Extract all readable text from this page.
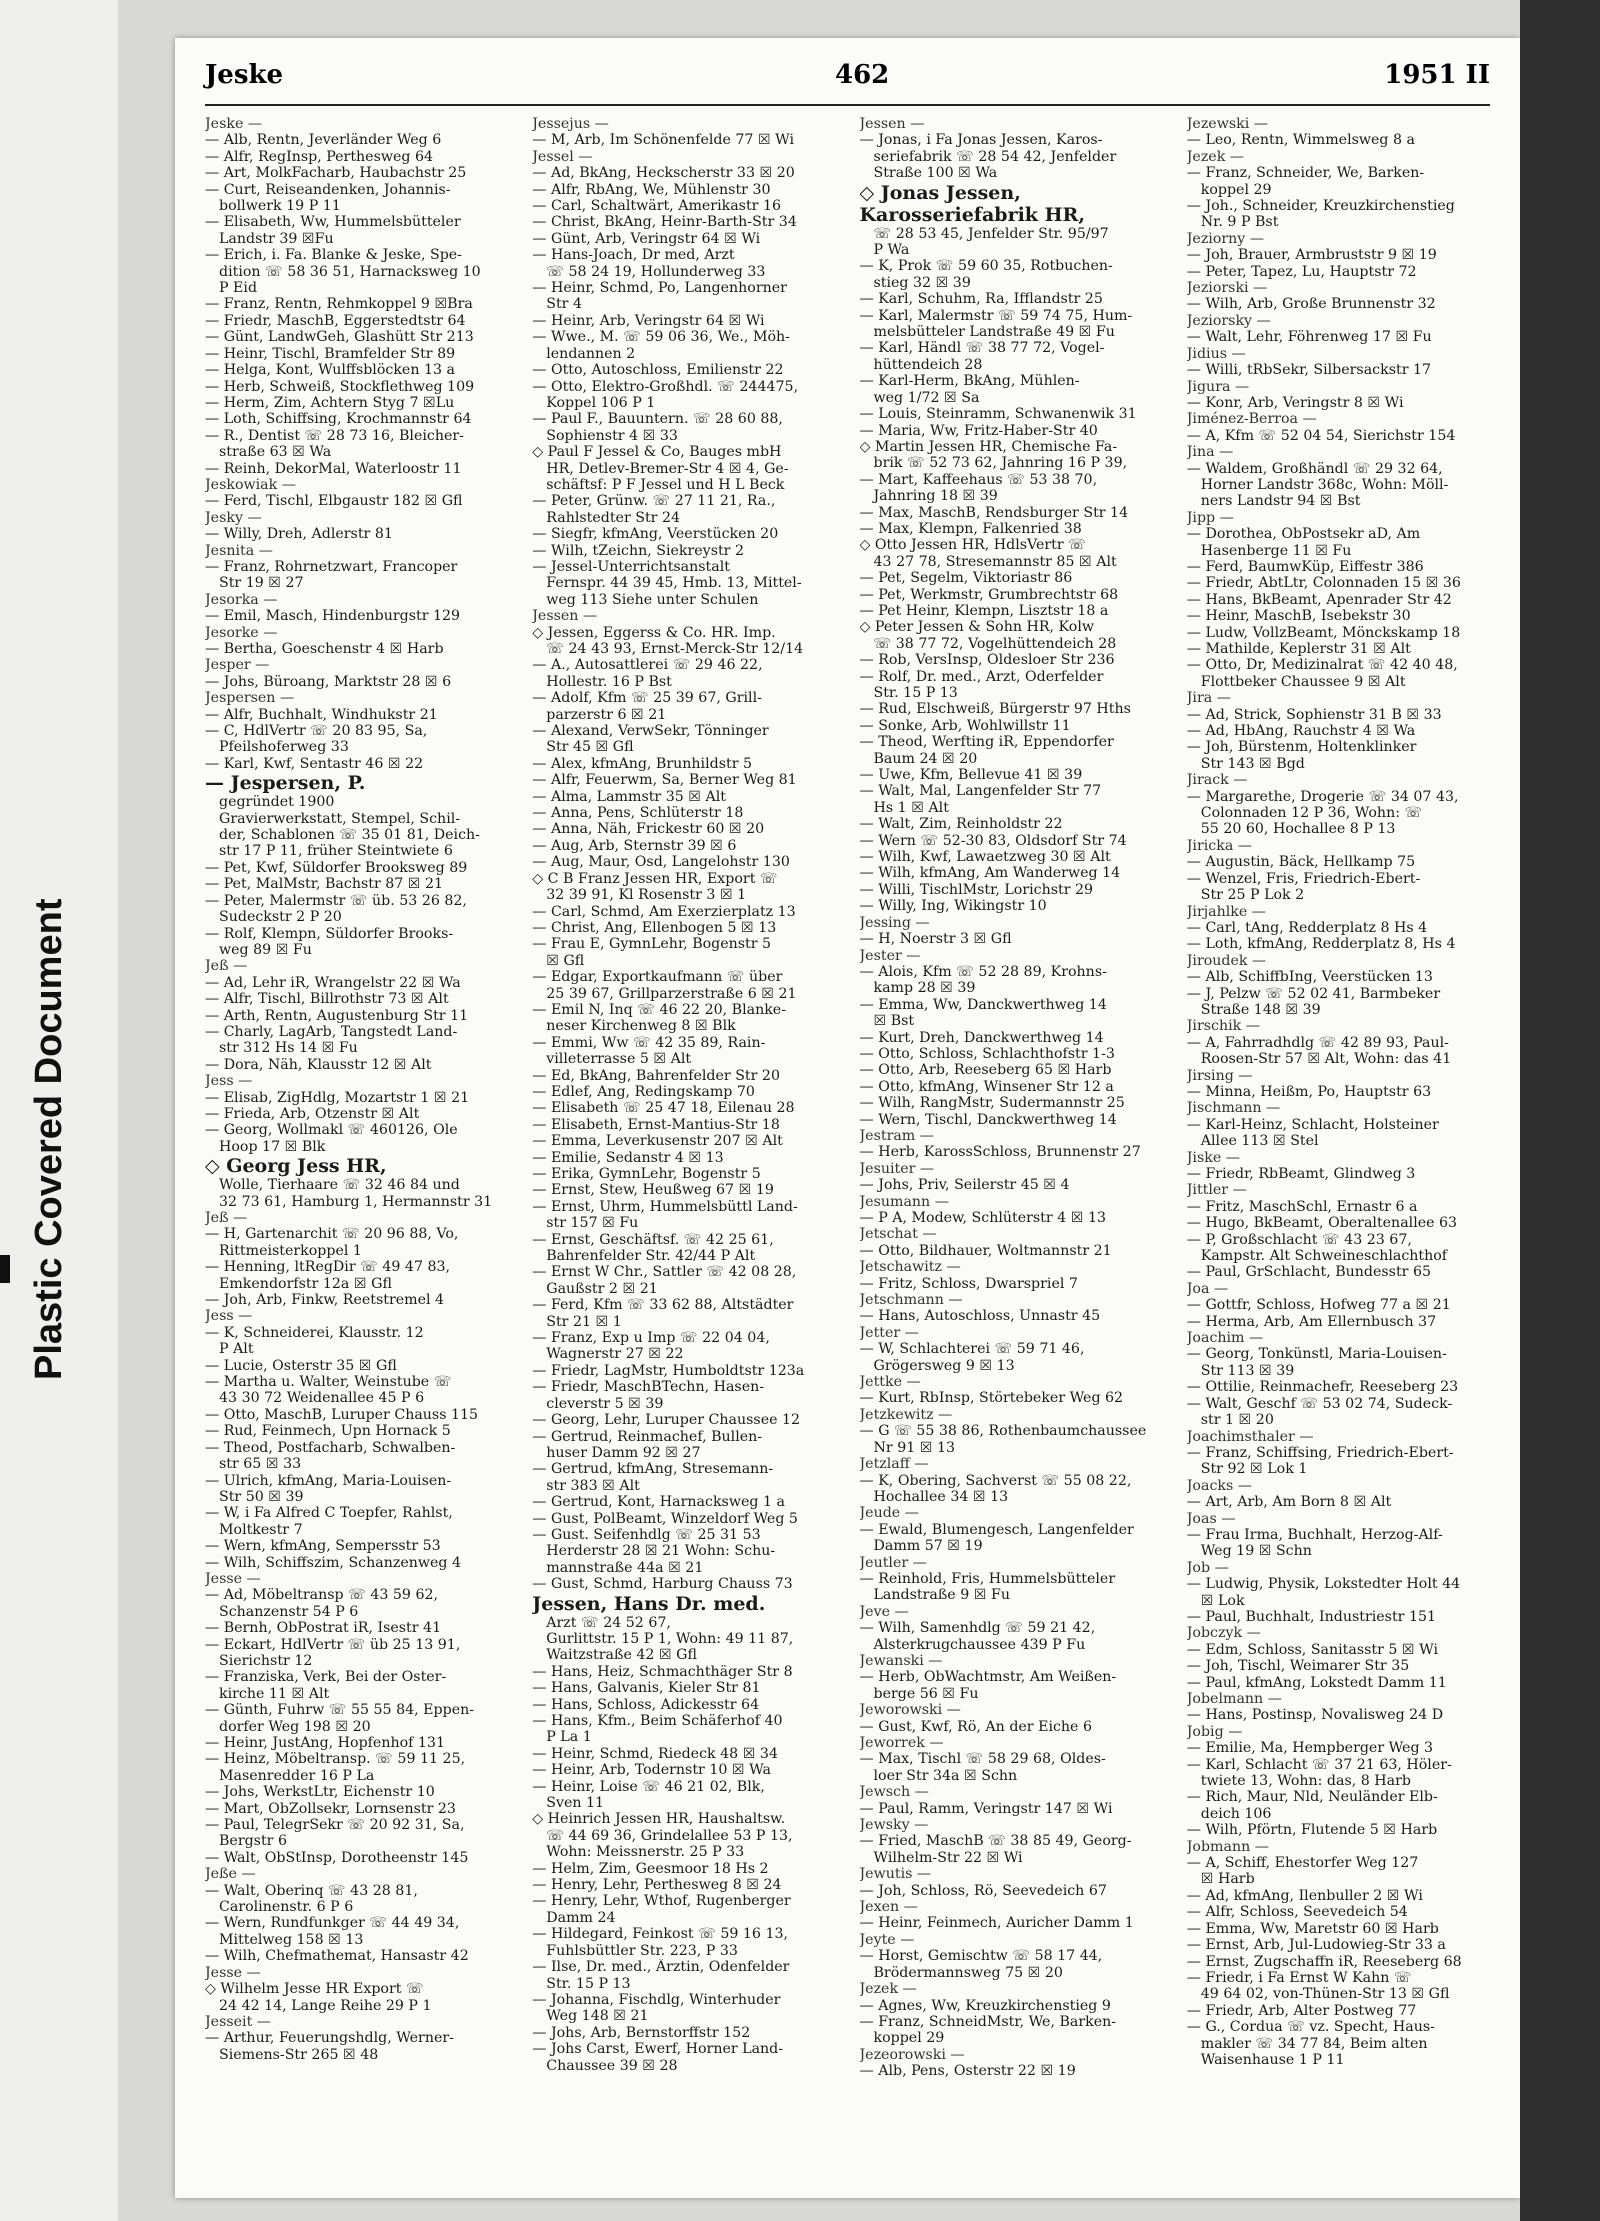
Plastic Covered Document
Jeske	462	1951 II
Jeske —
— Alb, Rentn, Jeverländer Weg 6
— Alfr, RegInsp, Perthesweg 64
— Art, MolkFacharb, Haubachstr 25
— Curt, Reiseandenken, Johannis-
bollwerk 19 P 11
— Elisabeth, Ww, Hummelsbütteler
Landstr 39 ☒Fu
— Erich, i. Fa. Blanke & Jeske, Spe-
dition ☏ 58 36 51, Harnacksweg 10
P Eid
— Franz, Rentn, Rehmkoppel 9 ☒Bra
— Friedr, MaschB, Eggerstedtstr 64
— Günt, LandwGeh, Glashütt Str 213
— Heinr, Tischl, Bramfelder Str 89
— Helga, Kont, Wulffsblöcken 13 a
— Herb, Schweiß, Stockflethweg 109
— Herm, Zim, Achtern Styg 7 ☒Lu
— Loth, Schiffsing, Krochmannstr 64
— R., Dentist ☏ 28 73 16, Bleicher-
straße 63 ☒ Wa
— Reinh, DekorMal, Waterloostr 11
Jeskowiak —
— Ferd, Tischl, Elbgaustr 182 ☒ Gfl
Jesky —
— Willy, Dreh, Adlerstr 81
Jesnita —
— Franz, Rohrnetzwart, Francoper
Str 19 ☒ 27
Jesorka —
— Emil, Masch, Hindenburgstr 129
Jesorke —
— Bertha, Goeschenstr 4 ☒ Harb
Jesper —
— Johs, Büroang, Marktstr 28 ☒ 6
Jespersen —
— Alfr, Buchhalt, Windhukstr 21
— C, HdlVertr ☏ 20 83 95, Sa,
Pfeilshoferweg 33
— Karl, Kwf, Sentastr 46 ☒ 22
— Jespersen, P.
gegründet 1900
Gravierwerkstatt, Stempel, Schil-
der, Schablonen ☏ 35 01 81, Deich-
str 17 P 11, früher Steintwiete 6
— Pet, Kwf, Süldorfer Brooksweg 89
— Pet, MalMstr, Bachstr 87 ☒ 21
— Peter, Malermstr ☏ üb. 53 26 82,
Sudeckstr 2 P 20
— Rolf, Klempn, Süldorfer Brooks-
weg 89 ☒ Fu
Jeß —
— Ad, Lehr iR, Wrangelstr 22 ☒ Wa
— Alfr, Tischl, Billrothstr 73 ☒ Alt
— Arth, Rentn, Augustenburg Str 11
— Charly, LagArb, Tangstedt Land-
str 312 Hs 14 ☒ Fu
— Dora, Näh, Klausstr 12 ☒ Alt
Jess —
— Elisab, ZigHdlg, Mozartstr 1 ☒ 21
— Frieda, Arb, Otzenstr ☒ Alt
— Georg, Wollmakl ☏ 460126, Ole
Hoop 17 ☒ Blk
◇ Georg Jess HR,
Wolle, Tierhaare ☏ 32 46 84 und
32 73 61, Hamburg 1, Hermannstr 31
Jeß —
— H, Gartenarchit ☏ 20 96 88, Vo,
Rittmeisterkoppel 1
— Henning, ltRegDir ☏ 49 47 83,
Emkendorfstr 12a ☒ Gfl
— Joh, Arb, Finkw, Reetstremel 4
Jess —
— K, Schneiderei, Klausstr. 12
P Alt
— Lucie, Osterstr 35 ☒ Gfl
— Martha u. Walter, Weinstube ☏
43 30 72 Weidenallee 45 P 6
— Otto, MaschB, Luruper Chauss 115
— Rud, Feinmech, Upn Hornack 5
— Theod, Postfacharb, Schwalben-
str 65 ☒ 33
— Ulrich, kfmAng, Maria-Louisen-
Str 50 ☒ 39
— W, i Fa Alfred C Toepfer, Rahlst,
Moltkestr 7
— Wern, kfmAng, Sempersstr 53
— Wilh, Schiffszim, Schanzenweg 4
Jesse —
— Ad, Möbeltransp ☏ 43 59 62,
Schanzenstr 54 P 6
— Bernh, ObPostrat iR, Isestr 41
— Eckart, HdlVertr ☏ üb 25 13 91,
Sierichstr 12
— Franziska, Verk, Bei der Oster-
kirche 11 ☒ Alt
— Günth, Fuhrw ☏ 55 55 84, Eppen-
dorfer Weg 198 ☒ 20
— Heinr, JustAng, Hopfenhof 131
— Heinz, Möbeltransp. ☏ 59 11 25,
Masenredder 16 P La
— Johs, WerkstLtr, Eichenstr 10
— Mart, ObZollsekr, Lornsenstr 23
— Paul, TelegrSekr ☏ 20 92 31, Sa,
Bergstr 6
— Walt, ObStInsp, Dorotheenstr 145
Jeße —
— Walt, Oberinq ☏ 43 28 81,
Carolinenstr. 6 P 6
— Wern, Rundfunkger ☏ 44 49 34,
Mittelweg 158 ☒ 13
— Wilh, Chefmathemat, Hansastr 42
Jesse —
◇ Wilhelm Jesse HR Export ☏
24 42 14, Lange Reihe 29 P 1
Jesseit —
— Arthur, Feuerungshdlg, Werner-
Siemens-Str 265 ☒ 48
Jessejus —
— M, Arb, Im Schönenfelde 77 ☒ Wi
Jessel —
— Ad, BkAng, Heckscherstr 33 ☒ 20
— Alfr, RbAng, We, Mühlenstr 30
— Carl, Schaltwärt, Amerikastr 16
— Christ, BkAng, Heinr-Barth-Str 34
— Günt, Arb, Veringstr 64 ☒ Wi
— Hans-Joach, Dr med, Arzt
☏ 58 24 19, Hollunderweg 33
— Heinr, Schmd, Po, Langenhorner
Str 4
— Heinr, Arb, Veringstr 64 ☒ Wi
— Wwe., M. ☏ 59 06 36, We., Möh-
lendannen 2
— Otto, Autoschloss, Emilienstr 22
— Otto, Elektro-Großhdl. ☏ 244475,
Koppel 106 P 1
— Paul F., Bauuntern. ☏ 28 60 88,
Sophienstr 4 ☒ 33
◇ Paul F Jessel & Co, Bauges mbH
HR, Detlev-Bremer-Str 4 ☒ 4, Ge-
schäftsf: P F Jessel und H L Beck
— Peter, Grünw. ☏ 27 11 21, Ra.,
Rahlstedter Str 24
— Siegfr, kfmAng, Veerstücken 20
— Wilh, tZeichn, Siekreystr 2
— Jessel-Unterrichtsanstalt
Fernspr. 44 39 45, Hmb. 13, Mittel-
weg 113 Siehe unter Schulen
Jessen —
◇ Jessen, Eggerss & Co. HR. Imp.
☏ 24 43 93, Ernst-Merck-Str 12/14
— A., Autosattlerei ☏ 29 46 22,
Hollestr. 16 P Bst
— Adolf, Kfm ☏ 25 39 67, Grill-
parzerstr 6 ☒ 21
— Alexand, VerwSekr, Tönninger
Str 45 ☒ Gfl
— Alex, kfmAng, Brunhildstr 5
— Alfr, Feuerwm, Sa, Berner Weg 81
— Alma, Lammstr 35 ☒ Alt
— Anna, Pens, Schlüterstr 18
— Anna, Näh, Frickestr 60 ☒ 20
— Aug, Arb, Sternstr 39 ☒ 6
— Aug, Maur, Osd, Langelohstr 130
◇ C B Franz Jessen HR, Export ☏
32 39 91, Kl Rosenstr 3 ☒ 1
— Carl, Schmd, Am Exerzierplatz 13
— Christ, Ang, Ellenbogen 5 ☒ 13
— Frau E, GymnLehr, Bogenstr 5
☒ Gfl
— Edgar, Exportkaufmann ☏ über
25 39 67, Grillparzerstraße 6 ☒ 21
— Emil N, Inq ☏ 46 22 20, Blanke-
neser Kirchenweg 8 ☒ Blk
— Emmi, Ww ☏ 42 35 89, Rain-
villeterrasse 5 ☒ Alt
— Ed, BkAng, Bahrenfelder Str 20
— Edlef, Ang, Redingskamp 70
— Elisabeth ☏ 25 47 18, Eilenau 28
— Elisabeth, Ernst-Mantius-Str 18
— Emma, Leverkusenstr 207 ☒ Alt
— Emilie, Sedanstr 4 ☒ 13
— Erika, GymnLehr, Bogenstr 5
— Ernst, Stew, Heußweg 67 ☒ 19
— Ernst, Uhrm, Hummelsbüttl Land-
str 157 ☒ Fu
— Ernst, Geschäftsf. ☏ 42 25 61,
Bahrenfelder Str. 42/44 P Alt
— Ernst W Chr., Sattler ☏ 42 08 28,
Gaußstr 2 ☒ 21
— Ferd, Kfm ☏ 33 62 88, Altstädter
Str 21 ☒ 1
— Franz, Exp u Imp ☏ 22 04 04,
Wagnerstr 27 ☒ 22
— Friedr, LagMstr, Humboldtstr 123a
— Friedr, MaschBTechn, Hasen-
cleverstr 5 ☒ 39
— Georg, Lehr, Luruper Chaussee 12
— Gertrud, Reinmachef, Bullen-
huser Damm 92 ☒ 27
— Gertrud, kfmAng, Stresemann-
str 383 ☒ Alt
— Gertrud, Kont, Harnacksweg 1 a
— Gust, PolBeamt, Winzeldorf Weg 5
— Gust. Seifenhdlg ☏ 25 31 53
Herderstr 28 ☒ 21 Wohn: Schu-
mannstraße 44a ☒ 21
— Gust, Schmd, Harburg Chauss 73
Jessen, Hans Dr. med.
Arzt ☏ 24 52 67,
Gurlittstr. 15 P 1, Wohn: 49 11 87,
Waitzstraße 42 ☒ Gfl
— Hans, Heiz, Schmachthäger Str 8
— Hans, Galvanis, Kieler Str 81
— Hans, Schloss, Adickesstr 64
— Hans, Kfm., Beim Schäferhof 40
P La 1
— Heinr, Schmd, Riedeck 48 ☒ 34
— Heinr, Arb, Todernstr 10 ☒ Wa
— Heinr, Loise ☏ 46 21 02, Blk,
Sven 11
◇ Heinrich Jessen HR, Haushaltsw.
☏ 44 69 36, Grindelallee 53 P 13,
Wohn: Meissnerstr. 25 P 33
— Helm, Zim, Geesmoor 18 Hs 2
— Henry, Lehr, Perthesweg 8 ☒ 24
— Henry, Lehr, Wthof, Rugenberger
Damm 24
— Hildegard, Feinkost ☏ 59 16 13,
Fuhlsbüttler Str. 223, P 33
— Ilse, Dr. med., Ärztin, Odenfelder
Str. 15 P 13
— Johanna, Fischdlg, Winterhuder
Weg 148 ☒ 21
— Johs, Arb, Bernstorffstr 152
— Johs Carst, Ewerf, Horner Land-
Chaussee 39 ☒ 28
Jessen —
— Jonas, i Fa Jonas Jessen, Karos-
seriefabrik ☏ 28 54 42, Jenfelder
Straße 100 ☒ Wa
◇ Jonas Jessen,
Karosseriefabrik HR,
☏ 28 53 45, Jenfelder Str. 95/97
P Wa
— K, Prok ☏ 59 60 35, Rotbuchen-
stieg 32 ☒ 39
— Karl, Schuhm, Ra, Ifflandstr 25
— Karl, Malermstr ☏ 59 74 75, Hum-
melsbütteler Landstraße 49 ☒ Fu
— Karl, Händl ☏ 38 77 72, Vogel-
hüttendeich 28
— Karl-Herm, BkAng, Mühlen-
weg 1/72 ☒ Sa
— Louis, Steinramm, Schwanenwik 31
— Maria, Ww, Fritz-Haber-Str 40
◇ Martin Jessen HR, Chemische Fa-
brik ☏ 52 73 62, Jahnring 16 P 39,
— Mart, Kaffeehaus ☏ 53 38 70,
Jahnring 18 ☒ 39
— Max, MaschB, Rendsburger Str 14
— Max, Klempn, Falkenried 38
◇ Otto Jessen HR, HdlsVertr ☏
43 27 78, Stresemannstr 85 ☒ Alt
— Pet, Segelm, Viktoriastr 86
— Pet, Werkmstr, Grumbrechtstr 68
— Pet Heinr, Klempn, Lisztstr 18 a
◇ Peter Jessen & Sohn HR, Kolw
☏ 38 77 72, Vogelhüttendeich 28
— Rob, VersInsp, Oldesloer Str 236
— Rolf, Dr. med., Arzt, Oderfelder
Str. 15 P 13
— Rud, Elschweiß, Bürgerstr 97 Hths
— Sonke, Arb, Wohlwillstr 11
— Theod, Werfting iR, Eppendorfer
Baum 24 ☒ 20
— Uwe, Kfm, Bellevue 41 ☒ 39
— Walt, Mal, Langenfelder Str 77
Hs 1 ☒ Alt
— Walt, Zim, Reinholdstr 22
— Wern ☏ 52-30 83, Oldsdorf Str 74
— Wilh, Kwf, Lawaetzweg 30 ☒ Alt
— Wilh, kfmAng, Am Wanderweg 14
— Willi, TischlMstr, Lorichstr 29
— Willy, Ing, Wikingstr 10
Jessing —
— H, Noerstr 3 ☒ Gfl
Jester —
— Alois, Kfm ☏ 52 28 89, Krohns-
kamp 28 ☒ 39
— Emma, Ww, Danckwerthweg 14
☒ Bst
— Kurt, Dreh, Danckwerthweg 14
— Otto, Schloss, Schlachthofstr 1-3
— Otto, Arb, Reeseberg 65 ☒ Harb
— Otto, kfmAng, Winsener Str 12 a
— Wilh, RangMstr, Sudermannstr 25
— Wern, Tischl, Danckwerthweg 14
Jestram —
— Herb, KarossSchloss, Brunnenstr 27
Jesuiter —
— Johs, Priv, Seilerstr 45 ☒ 4
Jesumann —
— P A, Modew, Schlüterstr 4 ☒ 13
Jetschat —
— Otto, Bildhauer, Woltmannstr 21
Jetschawitz —
— Fritz, Schloss, Dwarspriel 7
Jetschmann —
— Hans, Autoschloss, Unnastr 45
Jetter —
— W, Schlachterei ☏ 59 71 46,
Grögersweg 9 ☒ 13
Jettke —
— Kurt, RbInsp, Störtebeker Weg 62
Jetzkewitz —
— G ☏ 55 38 86, Rothenbaumchaussee
Nr 91 ☒ 13
Jetzlaff —
— K, Obering, Sachverst ☏ 55 08 22,
Hochallee 34 ☒ 13
Jeude —
— Ewald, Blumengesch, Langenfelder
Damm 57 ☒ 19
Jeutler —
— Reinhold, Fris, Hummelsbütteler
Landstraße 9 ☒ Fu
Jeve —
— Wilh, Samenhdlg ☏ 59 21 42,
Alsterkrugchaussee 439 P Fu
Jewanski —
— Herb, ObWachtmstr, Am Weißen-
berge 56 ☒ Fu
Jeworowski —
— Gust, Kwf, Rö, An der Eiche 6
Jeworrek —
— Max, Tischl ☏ 58 29 68, Oldes-
loer Str 34a ☒ Schn
Jewsch —
— Paul, Ramm, Veringstr 147 ☒ Wi
Jewsky —
— Fried, MaschB ☏ 38 85 49, Georg-
Wilhelm-Str 22 ☒ Wi
Jewutis —
— Joh, Schloss, Rö, Seevedeich 67
Jexen —
— Heinr, Feinmech, Auricher Damm 1
Jeyte —
— Horst, Gemischtw ☏ 58 17 44,
Brödermannsweg 75 ☒ 20
Jezek —
— Agnes, Ww, Kreuzkirchenstieg 9
— Franz, SchneidMstr, We, Barken-
koppel 29
Jezeorowski —
— Alb, Pens, Osterstr 22 ☒ 19
Jezewski —
— Leo, Rentn, Wimmelsweg 8 a
Jezek —
— Franz, Schneider, We, Barken-
koppel 29
— Joh., Schneider, Kreuzkirchenstieg
Nr. 9 P Bst
Jeziorny —
— Joh, Brauer, Armbruststr 9 ☒ 19
— Peter, Tapez, Lu, Hauptstr 72
Jeziorski —
— Wilh, Arb, Große Brunnenstr 32
Jeziorsky —
— Walt, Lehr, Föhrenweg 17 ☒ Fu
Jidius —
— Willi, tRbSekr, Silbersackstr 17
Jigura —
— Konr, Arb, Veringstr 8 ☒ Wi
Jiménez-Berroa —
— A, Kfm ☏ 52 04 54, Sierichstr 154
Jina —
— Waldem, Großhändl ☏ 29 32 64,
Horner Landstr 368c, Wohn: Möll-
ners Landstr 94 ☒ Bst
Jipp —
— Dorothea, ObPostsekr aD, Am
Hasenberge 11 ☒ Fu
— Ferd, BaumwKüp, Eiffestr 386
— Friedr, AbtLtr, Colonnaden 15 ☒ 36
— Hans, BkBeamt, Apenrader Str 42
— Heinr, MaschB, Isebekstr 30
— Ludw, VollzBeamt, Mönckskamp 18
— Mathilde, Keplerstr 31 ☒ Alt
— Otto, Dr, Medizinalrat ☏ 42 40 48,
Flottbeker Chaussee 9 ☒ Alt
Jira —
— Ad, Strick, Sophienstr 31 B ☒ 33
— Ad, HbAng, Rauchstr 4 ☒ Wa
— Joh, Bürstenm, Holtenklinker
Str 143 ☒ Bgd
Jirack —
— Margarethe, Drogerie ☏ 34 07 43,
Colonnaden 12 P 36, Wohn: ☏
55 20 60, Hochallee 8 P 13
Jiricka —
— Augustin, Bäck, Hellkamp 75
— Wenzel, Fris, Friedrich-Ebert-
Str 25 P Lok 2
Jirjahlke —
— Carl, tAng, Redderplatz 8 Hs 4
— Loth, kfmAng, Redderplatz 8, Hs 4
Jiroudek —
— Alb, SchiffbIng, Veerstücken 13
— J, Pelzw ☏ 52 02 41, Barmbeker
Straße 148 ☒ 39
Jirschik —
— A, Fahrradhdlg ☏ 42 89 93, Paul-
Roosen-Str 57 ☒ Alt, Wohn: das 41
Jirsing —
— Minna, Heißm, Po, Hauptstr 63
Jischmann —
— Karl-Heinz, Schlacht, Holsteiner
Allee 113 ☒ Stel
Jiske —
— Friedr, RbBeamt, Glindweg 3
Jittler —
— Fritz, MaschSchl, Ernastr 6 a
— Hugo, BkBeamt, Oberaltenallee 63
— P, Großschlacht ☏ 43 23 67,
Kampstr. Alt Schweineschlachthof
— Paul, GrSchlacht, Bundesstr 65
Joa —
— Gottfr, Schloss, Hofweg 77 a ☒ 21
— Herma, Arb, Am Ellernbusch 37
Joachim —
— Georg, Tonkünstl, Maria-Louisen-
Str 113 ☒ 39
— Ottilie, Reinmachefr, Reeseberg 23
— Walt, Geschf ☏ 53 02 74, Sudeck-
str 1 ☒ 20
Joachimsthaler —
— Franz, Schiffsing, Friedrich-Ebert-
Str 92 ☒ Lok 1
Joacks —
— Art, Arb, Am Born 8 ☒ Alt
Joas —
— Frau Irma, Buchhalt, Herzog-Alf-
Weg 19 ☒ Schn
Job —
— Ludwig, Physik, Lokstedter Holt 44
☒ Lok
— Paul, Buchhalt, Industriestr 151
Jobczyk —
— Edm, Schloss, Sanitasstr 5 ☒ Wi
— Joh, Tischl, Weimarer Str 35
— Paul, kfmAng, Lokstedt Damm 11
Jobelmann —
— Hans, Postinsp, Novalisweg 24 D
Jobig —
— Emilie, Ma, Hempberger Weg 3
— Karl, Schlacht ☏ 37 21 63, Höler-
twiete 13, Wohn: das, 8 Harb
— Rich, Maur, Nld, Neuländer Elb-
deich 106
— Wilh, Pförtn, Flutende 5 ☒ Harb
Jobmann —
— A, Schiff, Ehestorfer Weg 127
☒ Harb
— Ad, kfmAng, Ilenbuller 2 ☒ Wi
— Alfr, Schloss, Seevedeich 54
— Emma, Ww, Maretstr 60 ☒ Harb
— Ernst, Arb, Jul-Ludowieg-Str 33 a
— Ernst, Zugschaffn iR, Reeseberg 68
— Friedr, i Fa Ernst W Kahn ☏
49 64 02, von-Thünen-Str 13 ☒ Gfl
— Friedr, Arb, Alter Postweg 77
— G., Cordua ☏ vz. Specht, Haus-
makler ☏ 34 77 84, Beim alten
Waisenhause 1 P 11
